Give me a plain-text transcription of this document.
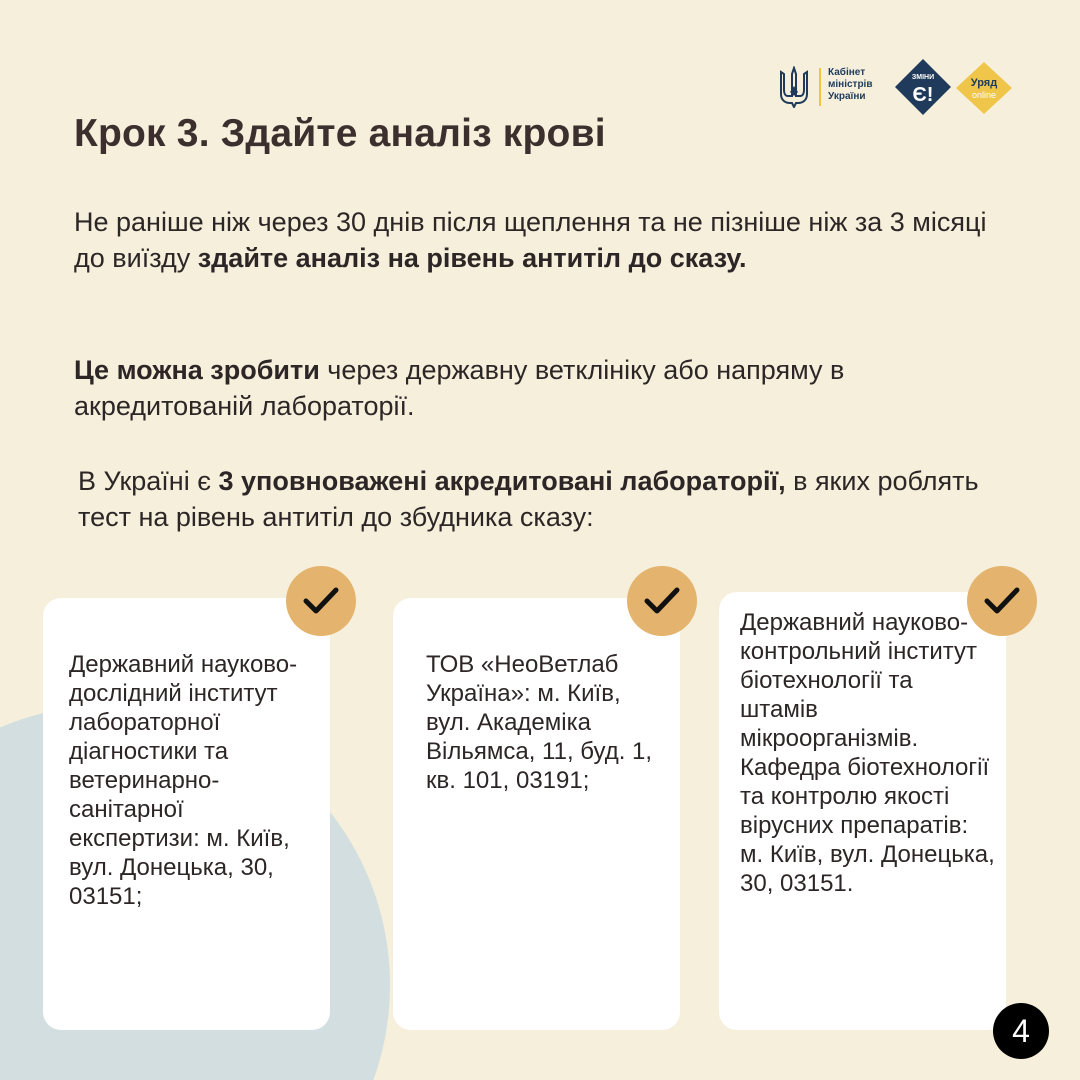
Кабінет
міністрів
України
ЗМІНИ
Є!
Уряд
online
Крок 3. Здайте аналіз крові

Не раніше ніж через 30 днів після щеплення та не пізніше ніж за 3 місяці до виїзду здайте аналіз на рівень антитіл до сказу.

Це можна зробити через державну ветклініку або напряму в акредитованій лабораторії.

В Україні є 3 уповноважені акредитовані лабораторії, в яких роблять тест на рівень антитіл до збудника сказу:

Державний науково-дослідний інститут лабораторної діагностики та ветеринарно-санітарної експертизи: м. Київ, вул. Донецька, 30, 03151;
ТОВ «НеоВетлаб Україна»: м. Київ, вул. Академіка Вільямса, 11, буд. 1, кв. 101, 03191;
Державний науково-контрольний інститут біотехнології та штамів мікроорганізмів. Кафедра біотехнології та контролю якості вірусних препаратів: м. Київ, вул. Донецька, 30, 03151.
4
